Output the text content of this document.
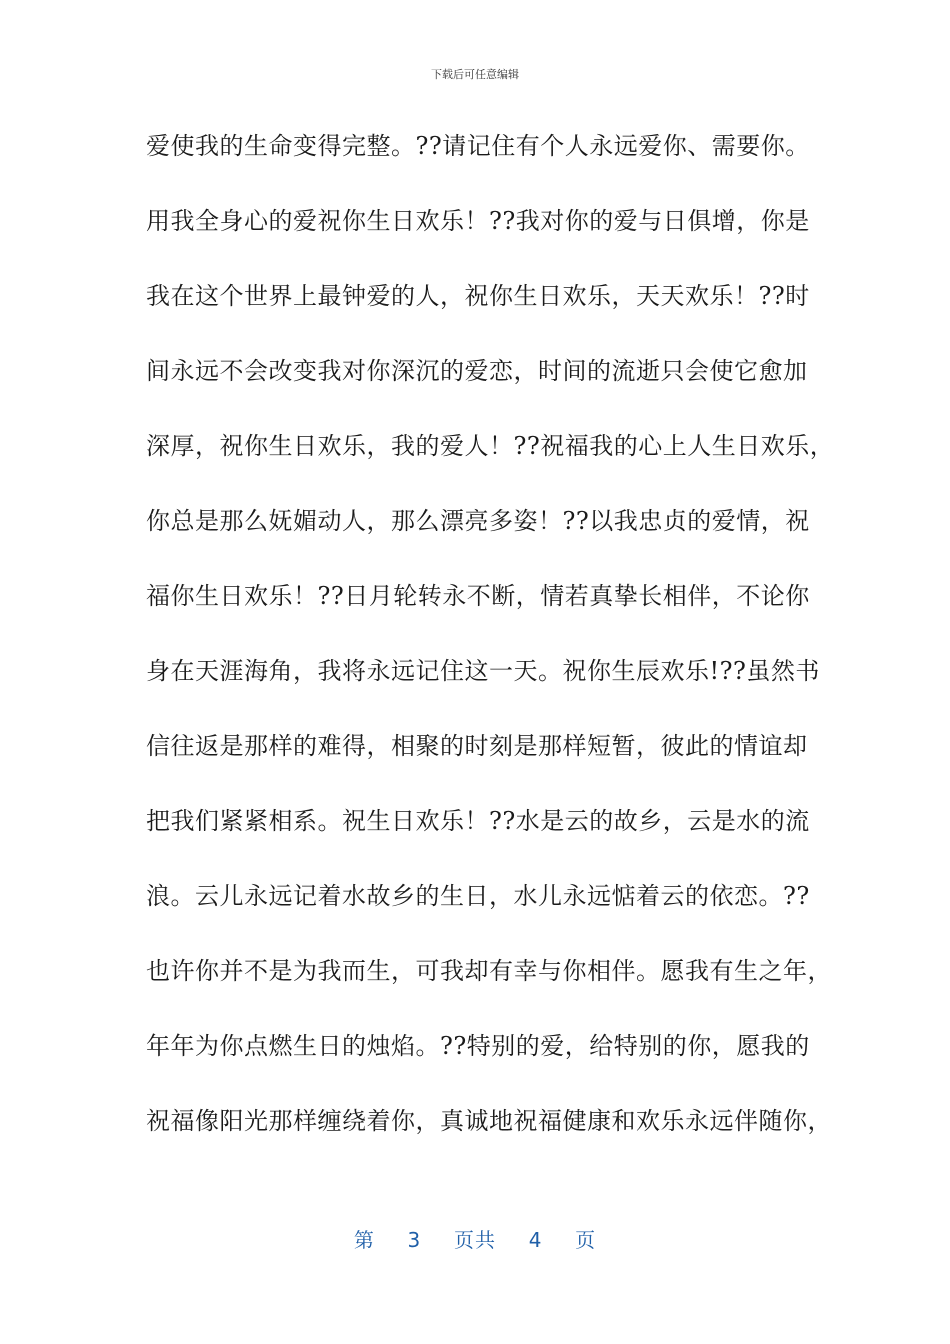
下载后可任意编辑
爱使我的生命变得完整。??请记住有个人永远爱你、需要你。
用我全身心的爱祝你生日欢乐！??我对你的爱与日俱增，你是
我在这个世界上最钟爱的人，祝你生日欢乐，天天欢乐！??时
间永远不会改变我对你深沉的爱恋，时间的流逝只会使它愈加
深厚，祝你生日欢乐，我的爱人！??祝福我的心上人生日欢乐，
你总是那么妩媚动人，那么漂亮多姿！??以我忠贞的爱情，祝
福你生日欢乐！??日月轮转永不断，情若真挚长相伴，不论你
身在天涯海角，我将永远记住这一天。祝你生辰欢乐!??虽然书
信往返是那样的难得，相聚的时刻是那样短暂，彼此的情谊却
把我们紧紧相系。祝生日欢乐！??水是云的故乡，云是水的流
浪。云儿永远记着水故乡的生日，水儿永远惦着云的依恋。??
也许你并不是为我而生，可我却有幸与你相伴。愿我有生之年，
年年为你点燃生日的烛焰。??特别的爱，给特别的你，愿我的
祝福像阳光那样缠绕着你，真诚地祝福健康和欢乐永远伴随你，
第 3 页共 4 页
